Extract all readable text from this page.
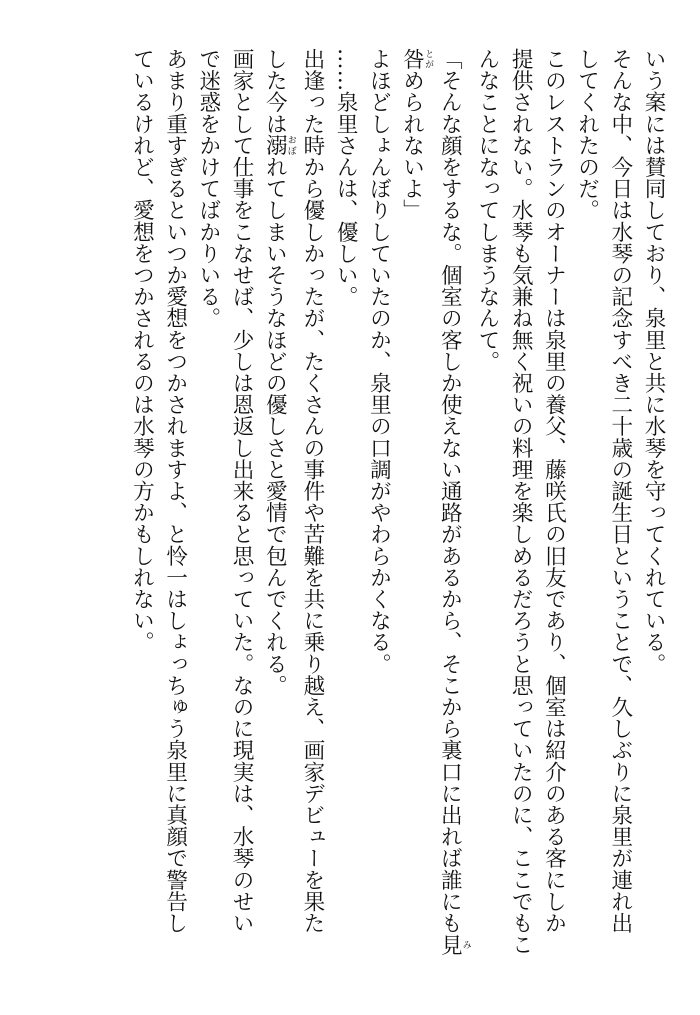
いう案には賛同しており、泉里と共に水琴を守ってくれている。

そんな中、今日は水琴の記念すべき二十歳の誕生日ということで、久しぶりに泉里が連れ出

してくれたのだ。

このレストランのオーナーは泉里の養父、藤咲氏の旧友であり、個室は紹介のある客にしか

提供されない。水琴も気兼ね無く祝いの料理を楽しめるだろうと思っていたのに、ここでもこ

んなことになってしまうなんて。

「そんな顔をするな。個室の客しか使えない通路があるから、そこから裏口に出れば誰にも見み

咎とがめられないよ」

よほどしょんぼりしていたのか、泉里の口調がやわらかくなる。

……泉里さんは、優しい。

出逢った時から優しかったが、たくさんの事件や苦難を共に乗り越え、画家デビューを果た

した今は溺おぼれてしまいそうなほどの優しさと愛情で包んでくれる。

画家として仕事をこなせば、少しは恩返し出来ると思っていた。なのに現実は、水琴のせい

で迷惑をかけてばかりいる。

あまり重すぎるといつか愛想をつかされますよ、と怜一はしょっちゅう泉里に真顔で警告し

ているけれど、愛想をつかされるのは水琴の方かもしれない。
